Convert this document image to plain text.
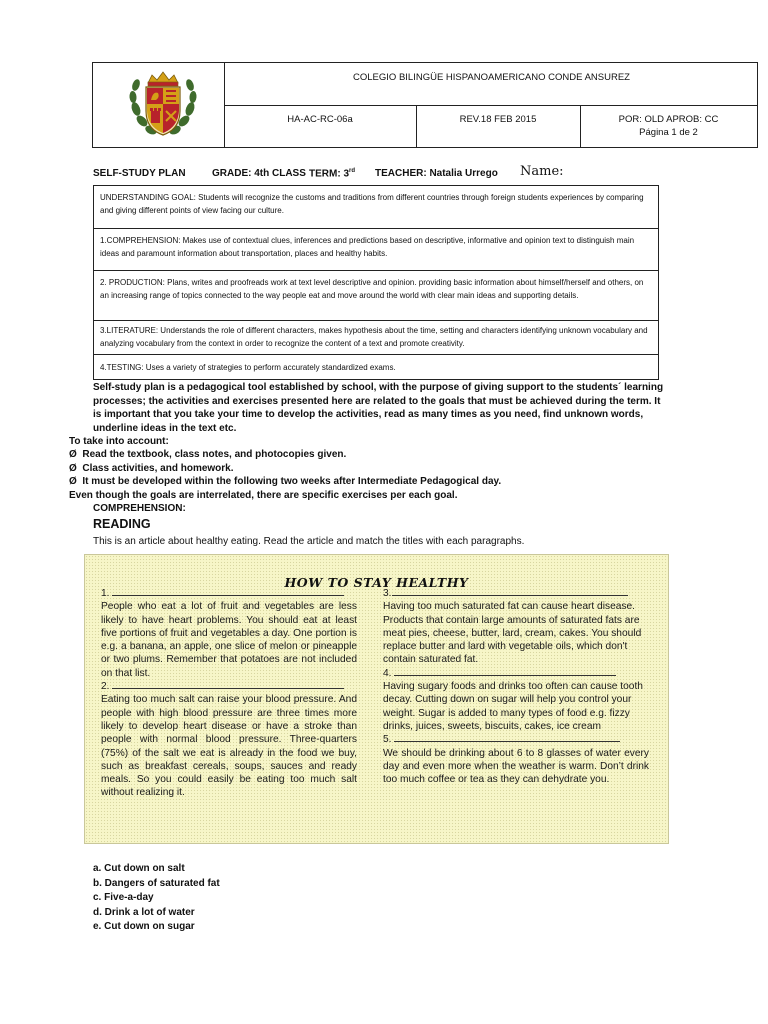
COLEGIO BILINGÜE HISPANOAMERICANO CONDE ANSUREZ
HA-AC-RC-06a	REV.18 FEB 2015	POR: OLD APROB: CC
Página 1 de 2
SELF-STUDY PLAN	GRADE: 4th CLASS TERM: 3rd TEACHER: Natalia Urrego Name:
UNDERSTANDING GOAL: Students will recognize the customs and traditions from different countries through foreign students experiences by comparing and giving different points of view facing our culture.
1.COMPREHENSION: Makes use of contextual clues, inferences and predictions based on descriptive, informative and opinion text to distinguish main ideas and paramount information about transportation, places and healthy habits.
2. PRODUCTION: Plans, writes and proofreads work at text level descriptive and opinion. providing basic information about himself/herself and others, on an increasing range of topics connected to the way people eat and move around the world with clear main ideas and supporting details.
3.LITERATURE: Understands the role of different characters, makes hypothesis about the time, setting and characters identifying unknown vocabulary and analyzing vocabulary from the context in order to recognize the content of a text and promote creativity.
4.TESTING: Uses a variety of strategies to perform accurately standardized exams.
Self-study plan is a pedagogical tool established by school, with the purpose of giving support to the students´ learning
processes; the activities and exercises presented here are related to the goals that must be achieved during the term. It
is important that you take your time to develop the activities, read as many times as you need, find unknown words,
underline ideas in the text etc.
To take into account:
Ø Read the textbook, class notes, and photocopies given.
Ø Class activities, and homework.
Ø It must be developed within the following two weeks after Intermediate Pedagogical day.
Even though the goals are interrelated, there are specific exercises per each goal.
COMPREHENSION:
READING
This is an article about healthy eating. Read the article and match the titles with each paragraphs.
HOW TO STAY HEALTHY

1.

People who eat a lot of fruit and vegetables are less likely to have heart problems. You should eat at least five portions of fruit and vegetables a day. One portion is e.g. a banana, an apple, one slice of melon or pineapple or two plums. Remember that potatoes are not included on that list.

2.

Eating too much salt can raise your blood pressure. And people with high blood pressure are three times more likely to develop heart disease or have a stroke than people with normal blood pressure. Three-quarters (75%) of the salt we eat is already in the food we buy, such as breakfast cereals, soups, sauces and ready meals. So you could easily be eating too much salt without realizing it.

3.

Having too much saturated fat can cause heart disease. Products that contain large amounts of saturated fats are meat pies, cheese, butter, lard, cream, cakes. You should replace butter and lard with vegetable oils, which don't contain saturated fat.

4.

Having sugary foods and drinks too often can cause tooth decay. Cutting down on sugar will help you control your weight. Sugar is added to many types of food e.g. fizzy drinks, juices, sweets, biscuits, cakes, ice cream

5.

We should be drinking about 6 to 8 glasses of water every day and even more when the weather is warm. Don’t drink too much coffee or tea as they can dehydrate you.

a. Cut down on salt
b. Dangers of saturated fat
c. Five-a-day
d. Drink a lot of water
e. Cut down on sugar
